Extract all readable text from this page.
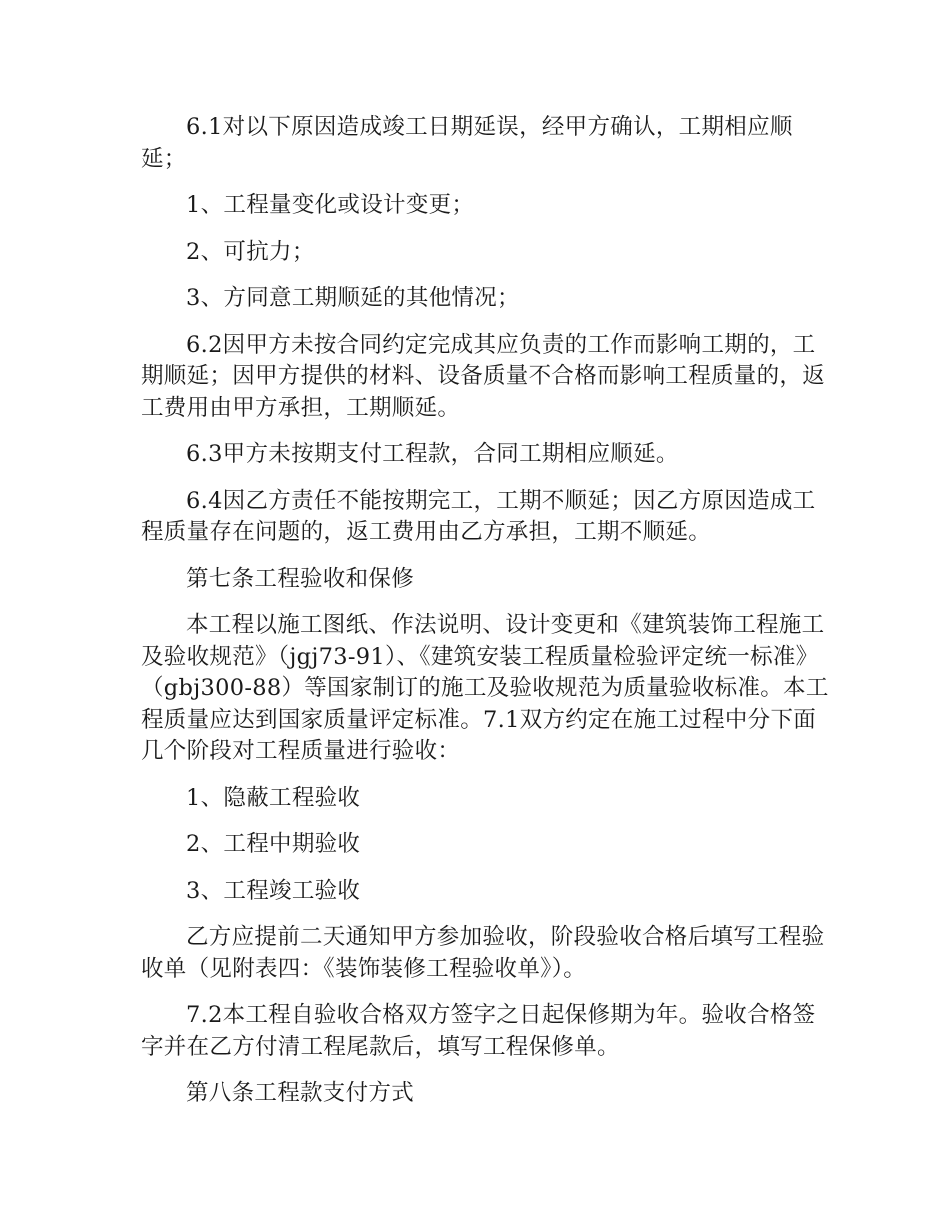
6.1对以下原因造成竣工日期延误，经甲方确认，工期相应顺延；

1、工程量变化或设计变更；

2、可抗力；

3、方同意工期顺延的其他情况；

6.2因甲方未按合同约定完成其应负责的工作而影响工期的，工期顺延；因甲方提供的材料、设备质量不合格而影响工程质量的，返工费用由甲方承担，工期顺延。

6.3甲方未按期支付工程款，合同工期相应顺延。

6.4因乙方责任不能按期完工，工期不顺延；因乙方原因造成工程质量存在问题的，返工费用由乙方承担，工期不顺延。

第七条工程验收和保修

本工程以施工图纸、作法说明、设计变更和《建筑装饰工程施工及验收规范》（jgj73-91）、《建筑安装工程质量检验评定统一标准》（gbj300-88）等国家制订的施工及验收规范为质量验收标准。本工程质量应达到国家质量评定标准。7.1双方约定在施工过程中分下面几个阶段对工程质量进行验收：

1、隐蔽工程验收

2、工程中期验收

3、工程竣工验收

乙方应提前二天通知甲方参加验收，阶段验收合格后填写工程验收单（见附表四：《装饰装修工程验收单》）。

7.2本工程自验收合格双方签字之日起保修期为年。验收合格签字并在乙方付清工程尾款后，填写工程保修单。

第八条工程款支付方式
